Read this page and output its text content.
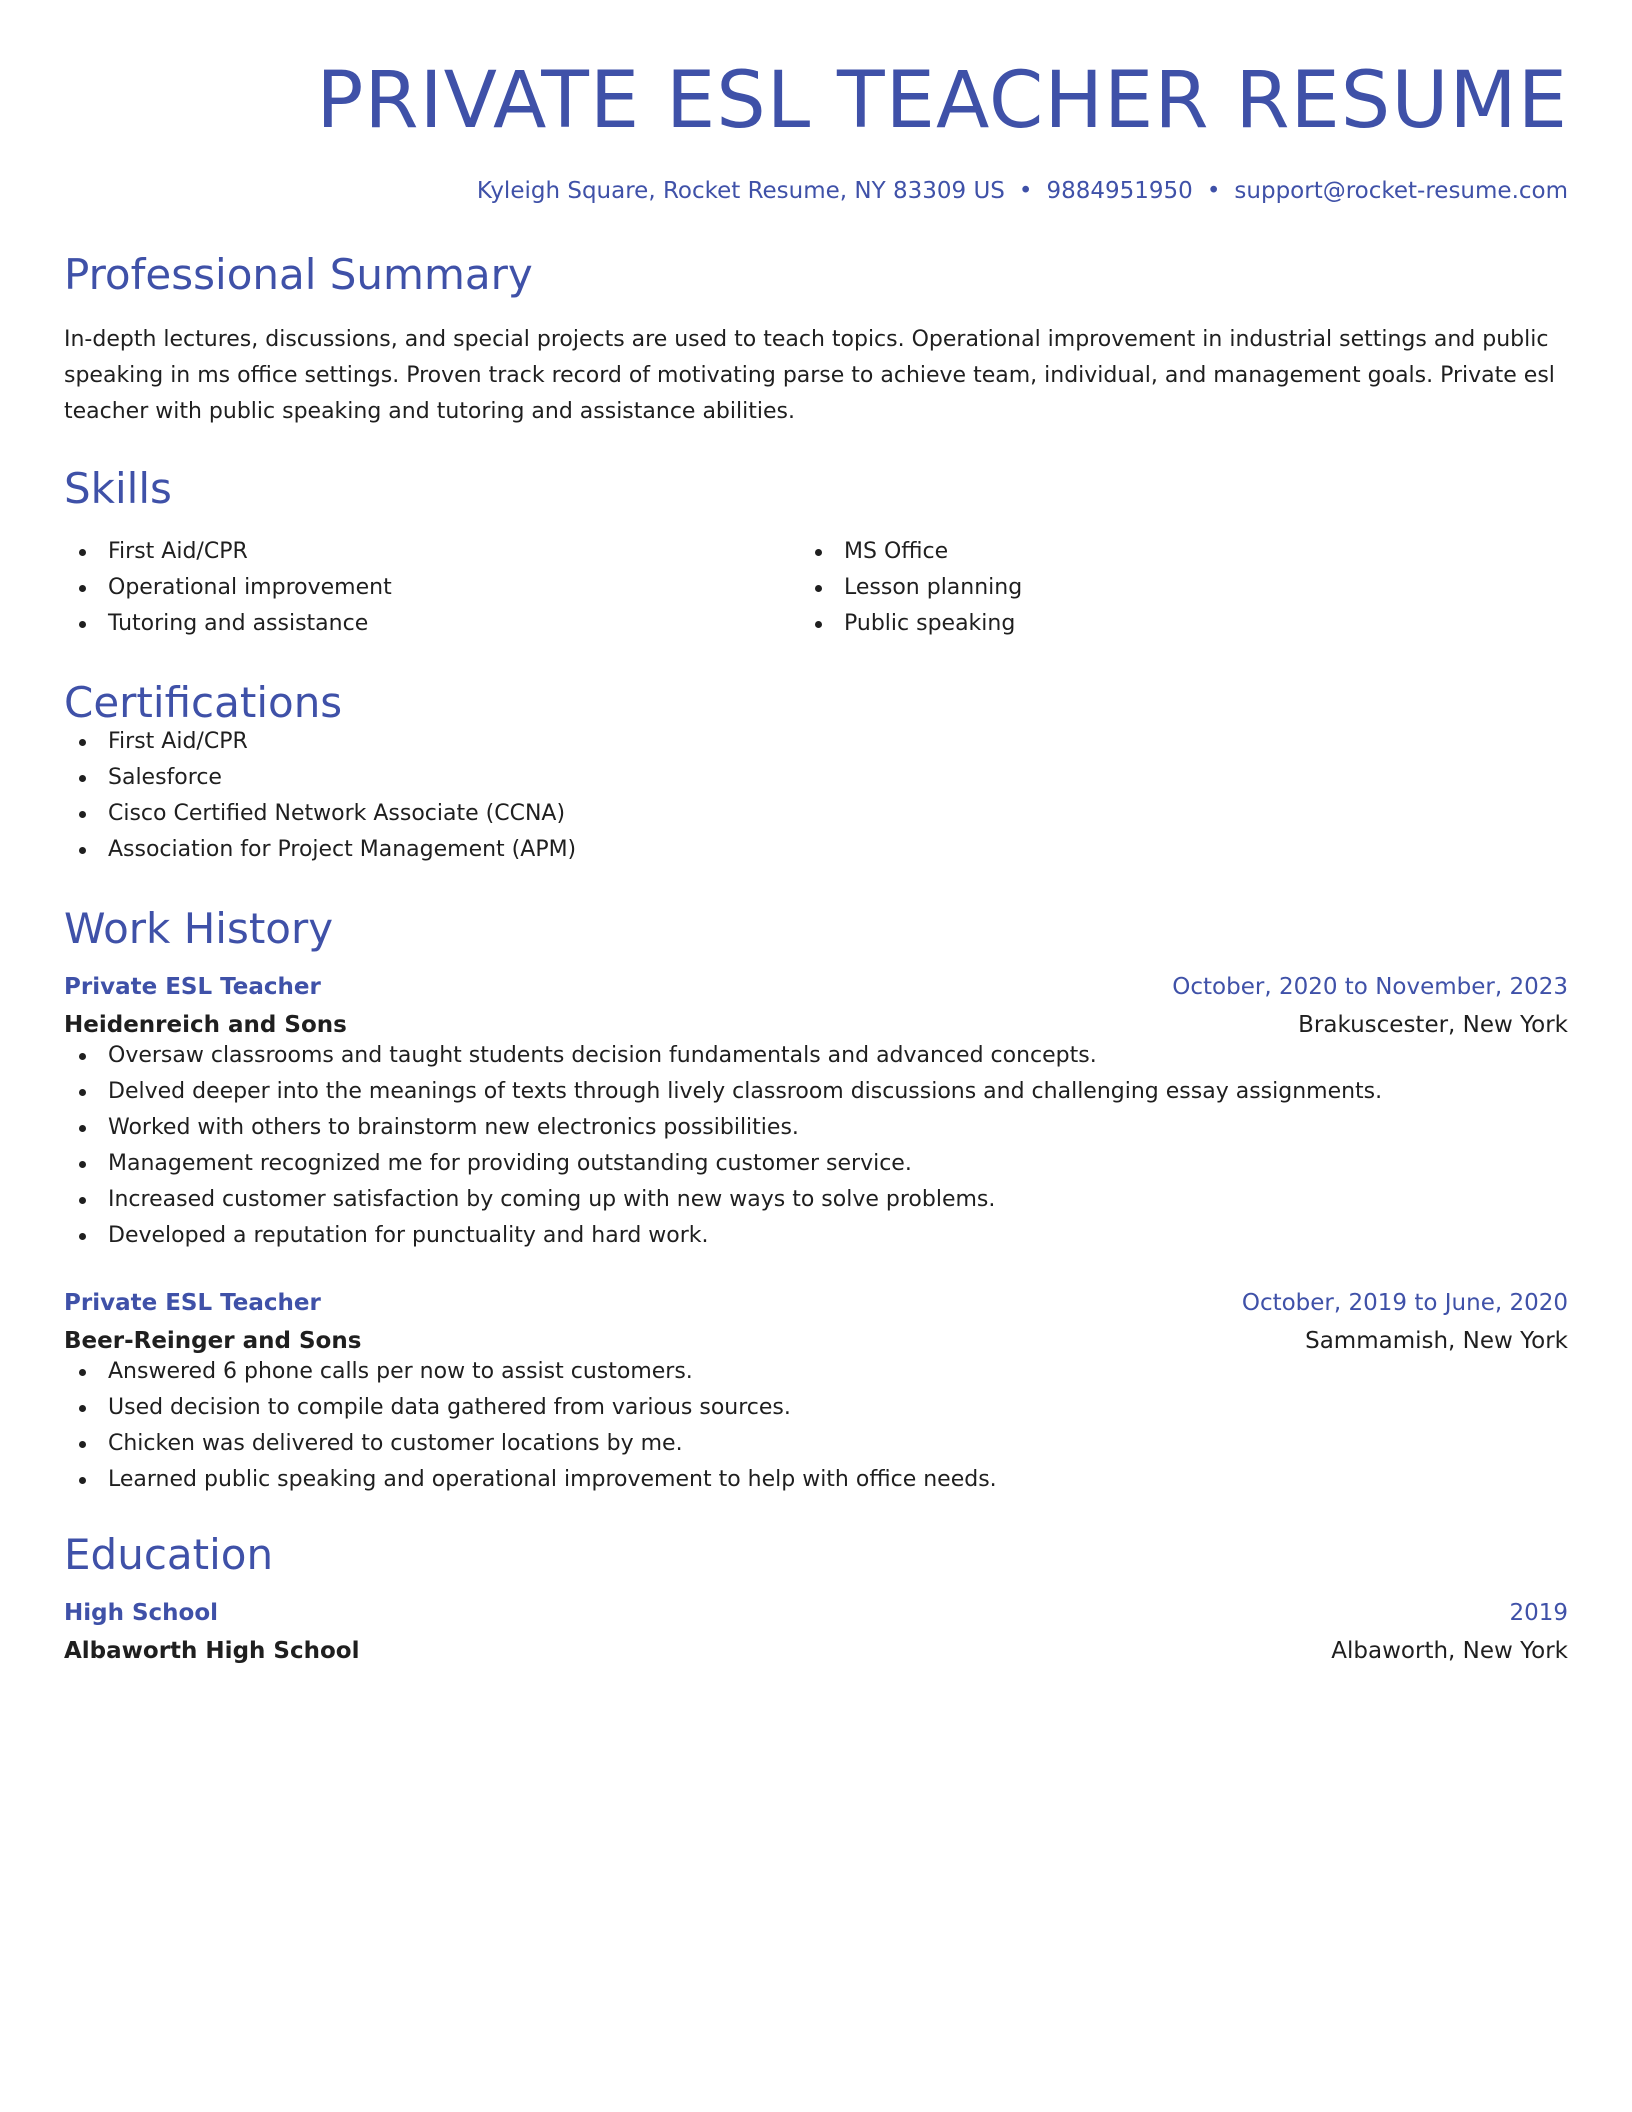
PRIVATE ESL TEACHER RESUME
Kyleigh Square, Rocket Resume, NY 83309 US • 9884951950 • support@rocket-resume.com
Professional Summary
In-depth lectures, discussions, and special projects are used to teach topics. Operational improvement in industrial settings and public speaking in ms office settings. Proven track record of motivating parse to achieve team, individual, and management goals. Private esl teacher with public speaking and tutoring and assistance abilities.
Skills
First Aid/CPR
Operational improvement
Tutoring and assistance
MS Office
Lesson planning
Public speaking
Certifications
First Aid/CPR
Salesforce
Cisco Certified Network Associate (CCNA)
Association for Project Management (APM)
Work History
Private ESL Teacher	October, 2020 to November, 2023
Heidenreich and Sons	Brakuscester, New York
Oversaw classrooms and taught students decision fundamentals and advanced concepts.
Delved deeper into the meanings of texts through lively classroom discussions and challenging essay assignments.
Worked with others to brainstorm new electronics possibilities.
Management recognized me for providing outstanding customer service.
Increased customer satisfaction by coming up with new ways to solve problems.
Developed a reputation for punctuality and hard work.
Private ESL Teacher	October, 2019 to June, 2020
Beer-Reinger and Sons	Sammamish, New York
Answered 6 phone calls per now to assist customers.
Used decision to compile data gathered from various sources.
Chicken was delivered to customer locations by me.
Learned public speaking and operational improvement to help with office needs.
Education
High School	2019
Albaworth High School	Albaworth, New York
